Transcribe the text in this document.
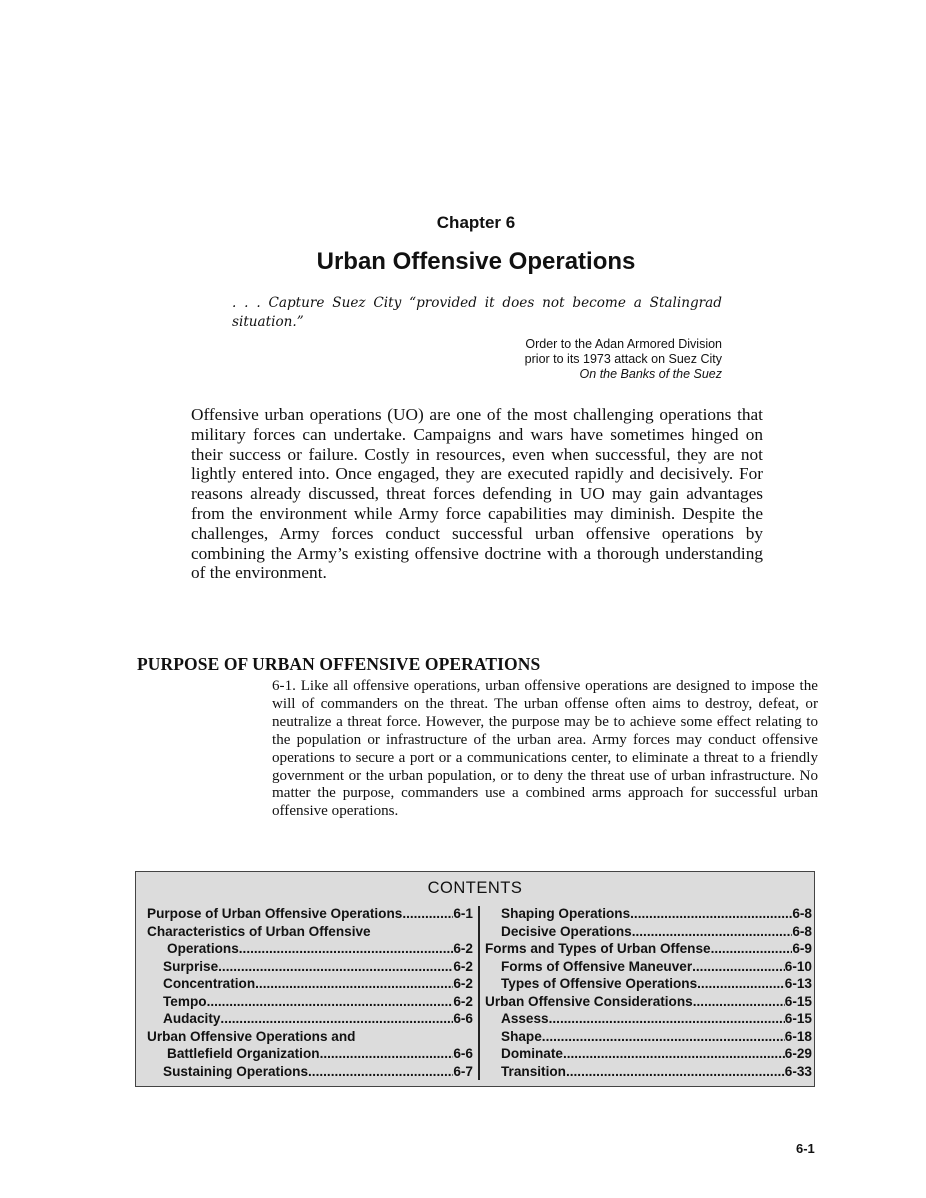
Chapter 6
Urban Offensive Operations
. . . Capture Suez City “provided it does not become a Stalingrad situation.”
Order to the Adan Armored Division
prior to its 1973 attack on Suez City
On the Banks of the Suez
Offensive urban operations (UO) are one of the most challenging operations that military forces can undertake. Campaigns and wars have sometimes hinged on their success or failure. Costly in resources, even when successful, they are not lightly entered into. Once engaged, they are executed rapidly and decisively. For reasons already discussed, threat forces defending in UO may gain advantages from the environment while Army force capabilities may diminish. Despite the challenges, Army forces conduct successful urban offensive operations by combining the Army’s existing offensive doctrine with a thorough understanding of the environment.
PURPOSE OF URBAN OFFENSIVE OPERATIONS
6-1. Like all offensive operations, urban offensive operations are designed to impose the will of commanders on the threat. The urban offense often aims to destroy, defeat, or neutralize a threat force. However, the purpose may be to achieve some effect relating to the population or infrastructure of the urban area. Army forces may conduct offensive operations to secure a port or a communications center, to eliminate a threat to a friendly government or the urban population, or to deny the threat use of urban infrastructure. No matter the purpose, commanders use a combined arms approach for successful urban offensive operations.
CONTENTS
Purpose of Urban Offensive Operations .....	6-1
Characteristics of Urban Offensive
Operations .....	6-2
Surprise .....	6-2
Concentration .....	6-2
Tempo .....	6-2
Audacity .....	6-6
Urban Offensive Operations and
Battlefield Organization .....	6-6
Sustaining Operations .....	6-7
Shaping Operations .....	6-8
Decisive Operations .....	6-8
Forms and Types of Urban Offense .....	6-9
Forms of Offensive Maneuver .....	6-10
Types of Offensive Operations .....	6-13
Urban Offensive Considerations .....	6-15
Assess .....	6-15
Shape .....	6-18
Dominate .....	6-29
Transition .....	6-33
6-1
